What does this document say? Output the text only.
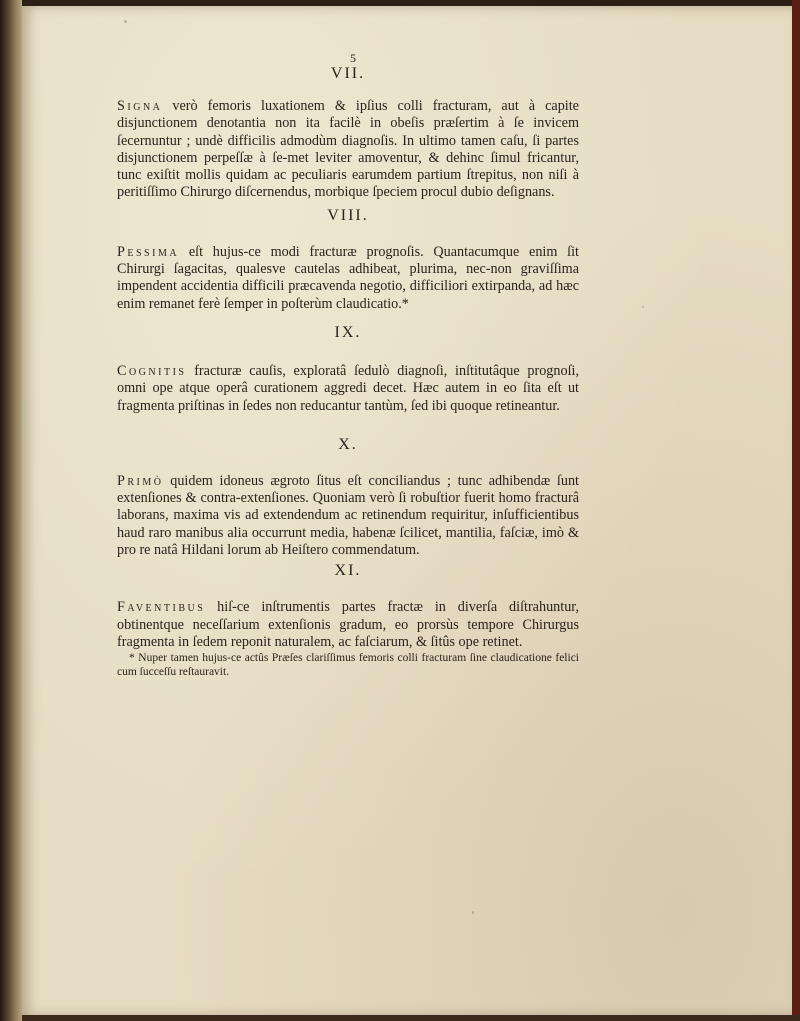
5
VII.

Signa verò femoris luxationem & ipſius colli fracturam, aut à capite disjunctionem denotantia non ita facilè in obeſis præſertim à ſe invicem ſecernuntur ; undè difficilis admodùm diagnoſis. In ultimo tamen caſu, ſi partes disjunctionem perpeſſæ à ſe-met leviter amoventur, & dehinc ſimul fricantur, tunc exiſtit mollis quidam ac peculiaris earumdem partium ſtrepitus, non niſi à peritiſſimo Chirurgo diſcernendus, morbique ſpeciem procul dubio deſignans.

VIII.

Pessima eſt hujus-ce modi fracturæ prognoſis. Quantacumque enim ſit Chirurgi ſagacitas, qualesve cautelas adhibeat, plurima, nec-non graviſſima impendent accidentia difficili præcavenda negotio, difficiliori extirpanda, ad hæc enim remanet ferè ſemper in poſterùm claudicatio.*

IX.

Cognitis fracturæ cauſis, exploratâ ſedulò diagnoſi, inſtitutâque prognoſi, omni ope atque operâ curationem aggredi decet. Hæc autem in eo ſita eſt ut fragmenta priſtinas in ſedes non reducantur tantùm, ſed ibi quoque retineantur.

X.

Primò quidem idoneus ægroto ſitus eſt conciliandus ; tunc adhibendæ ſunt extenſiones & contra-extenſiones. Quoniam verò ſi robuſtior fuerit homo fracturâ laborans, maxima vis ad extendendum ac retinendum requiritur, inſufficientibus haud raro manibus alia occurrunt media, habenæ ſcilicet, mantilia, faſciæ, imò & pro re natâ Hildani lorum ab Heiſtero commendatum.

XI.

Faventibus hiſ-ce inſtrumentis partes fractæ in diverſa diſtrahuntur, obtinentque neceſſarium extenſionis gradum, eo prorsùs tempore Chirurgus fragmenta in ſedem reponit naturalem, ac faſciarum, & ſitûs ope retinet.

* Nuper tamen hujus-ce actûs Præſes clariſſimus femoris colli fracturam ſine claudicatione felici cum ſucceſſu reſtauravit.
